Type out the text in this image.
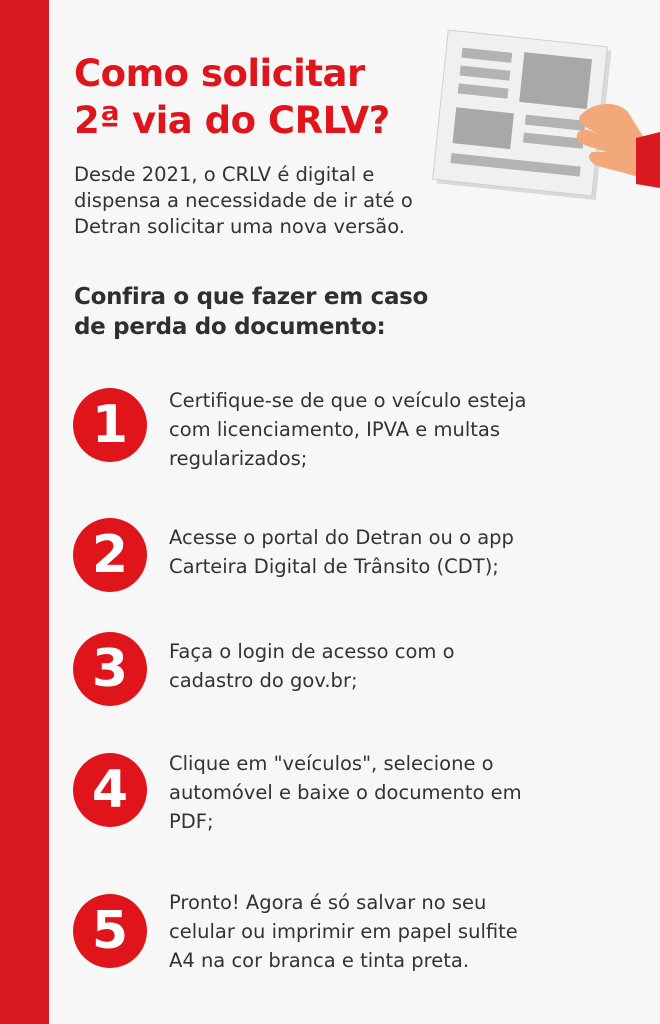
Como solicitar
2ª via do CRLV?
Desde 2021, o CRLV é digital e
dispensa a necessidade de ir até o
Detran solicitar uma nova versão.
Confira o que fazer em caso
de perda do documento:
1	Certifique-se de que o veículo esteja
com licenciamento, IPVA e multas
regularizados;
2	Acesse o portal do Detran ou o app
Carteira Digital de Trânsito (CDT);
3	Faça o login de acesso com o
cadastro do gov.br;
4	Clique em "veículos", selecione o
automóvel e baixe o documento em
PDF;
5	Pronto! Agora é só salvar no seu
celular ou imprimir em papel sulfite
A4 na cor branca e tinta preta.
